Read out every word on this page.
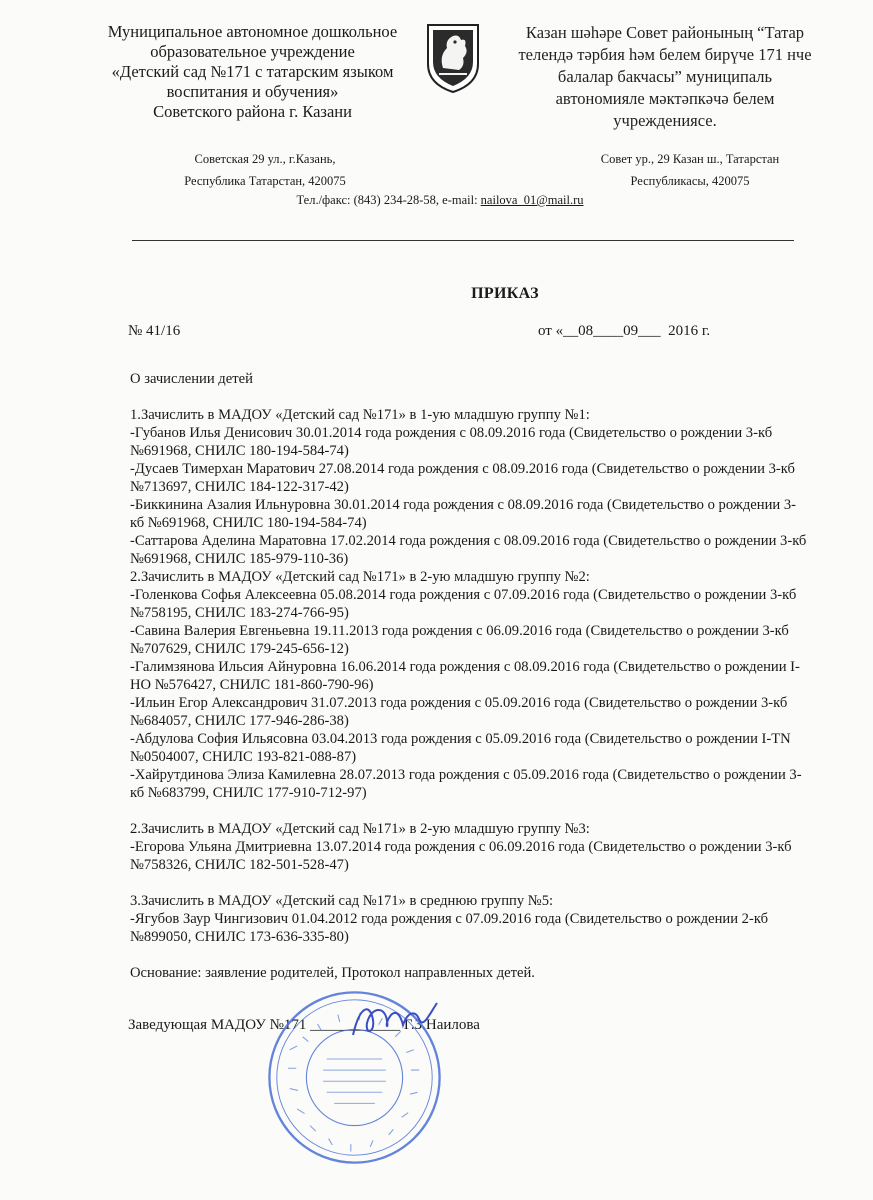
Муниципальное автономное дошкольное
образовательное учреждение
«Детский сад №171 с татарским языком
воспитания и обучения»
Советского района г. Казани
Казан шәһәре Совет районының “Татар
телендә тәрбия һәм белем бирүче 171 нче
балалар бакчасы” муниципаль
автономияле мәктәпкәчә белем
учреждениясе.
Советская 29 ул., г.Казань,
Республика Татарстан, 420075
Совет ур., 29 Казан ш., Татарстан
Республикасы, 420075
Тел./факс: (843) 234-28-58, e-mail: nailova_01@mail.ru
ПРИКАЗ
№ 41/16	от «__08____09___  2016 г.

О зачислении детей

1.Зачислить в МАДОУ «Детский сад №171» в 1-ую младшую группу №1:

-Губанов Илья Денисович 30.01.2014 года рождения с 08.09.2016 года (Свидетельство о рождении 3-кб №691968, СНИЛС 180-194-584-74)

-Дусаев Тимерхан Маратович 27.08.2014 года рождения с 08.09.2016 года (Свидетельство о рождении 3-кб №713697, СНИЛС 184-122-317-42)

-Биккинина Азалия Ильнуровна 30.01.2014 года рождения с 08.09.2016 года (Свидетельство о рождении 3-кб №691968, СНИЛС 180-194-584-74)

-Саттарова Аделина Маратовна 17.02.2014 года рождения с 08.09.2016 года (Свидетельство о рождении 3-кб №691968, СНИЛС 185-979-110-36)

2.Зачислить в МАДОУ «Детский сад №171» в 2-ую младшую группу №2:

-Голенкова Софья Алексеевна 05.08.2014 года рождения с 07.09.2016 года (Свидетельство о рождении 3-кб №758195, СНИЛС 183-274-766-95)

-Савина Валерия Евгеньевна 19.11.2013 года рождения с 06.09.2016 года (Свидетельство о рождении 3-кб №707629, СНИЛС 179-245-656-12)

-Галимзянова Ильсия Айнуровна 16.06.2014 года рождения с 08.09.2016 года (Свидетельство о рождении I-НО №576427, СНИЛС 181-860-790-96)

-Ильин Егор Александрович 31.07.2013 года рождения с 05.09.2016 года (Свидетельство о рождении 3-кб №684057, СНИЛС 177-946-286-38)

-Абдулова София Ильясовна 03.04.2013 года рождения с 05.09.2016 года (Свидетельство о рождении I-TN №0504007, СНИЛС 193-821-088-87)

-Хайрутдинова Элиза Камилевна 28.07.2013 года рождения с 05.09.2016 года (Свидетельство о рождении 3-кб №683799, СНИЛС 177-910-712-97)

2.Зачислить в МАДОУ «Детский сад №171» в 2-ую младшую группу №3:

-Егорова Ульяна Дмитриевна 13.07.2014 года рождения с 06.09.2016 года (Свидетельство о рождении 3-кб №758326, СНИЛС 182-501-528-47)

3.Зачислить в МАДОУ «Детский сад №171» в среднюю группу №5:

-Ягубов Заур Чингизович 01.04.2012 года рождения с 07.09.2016 года (Свидетельство о рождении 2-кб №899050, СНИЛС 173-636-335-80)

Основание: заявление родителей, Протокол направленных детей.

Заведующая МАДОУ №171 ____________ Г.З.Наилова
